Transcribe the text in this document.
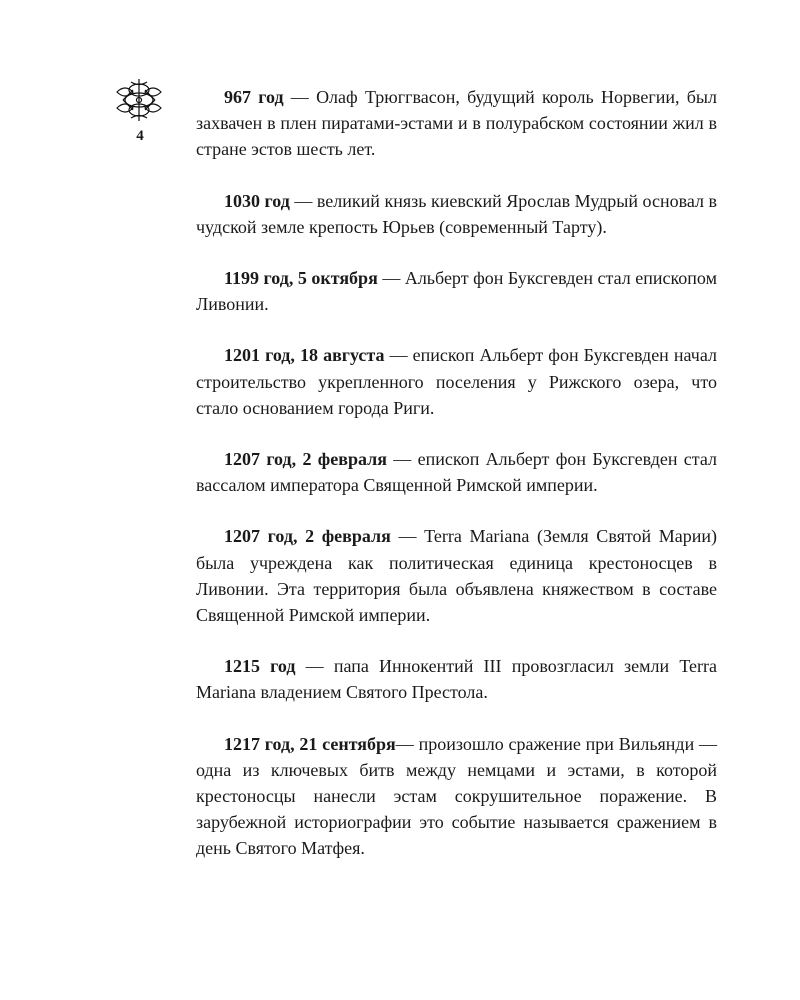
4

967 год — Олаф Трюггвасон, будущий король Норвегии, был захвачен в плен пиратами-эстами и в полурабском состоянии жил в стране эстов шесть лет.

1030 год — великий князь киевский Ярослав Мудрый основал в чудской земле крепость Юрьев (современный Тарту).

1199 год, 5 октября — Альберт фон Буксгевден стал епископом Ливонии.

1201 год, 18 августа — епископ Альберт фон Буксгевден начал строительство укрепленного поселения у Рижского озера, что стало основанием города Риги.

1207 год, 2 февраля — епископ Альберт фон Буксгевден стал вассалом императора Священной Римской империи.

1207 год, 2 февраля — Terra Mariana (Земля Святой Марии) была учреждена как политическая единица крестоносцев в Ливонии. Эта территория была объявлена княжеством в составе Священной Римской империи.

1215 год — папа Иннокентий III провозгласил земли Terra Mariana владением Святого Престола.

1217 год, 21 сентября— произошло сражение при Вильянди — одна из ключевых битв между немцами и эстами, в которой крестоносцы нанесли эстам сокрушительное поражение. В зарубежной историографии это событие называется сражением в день Святого Матфея.
